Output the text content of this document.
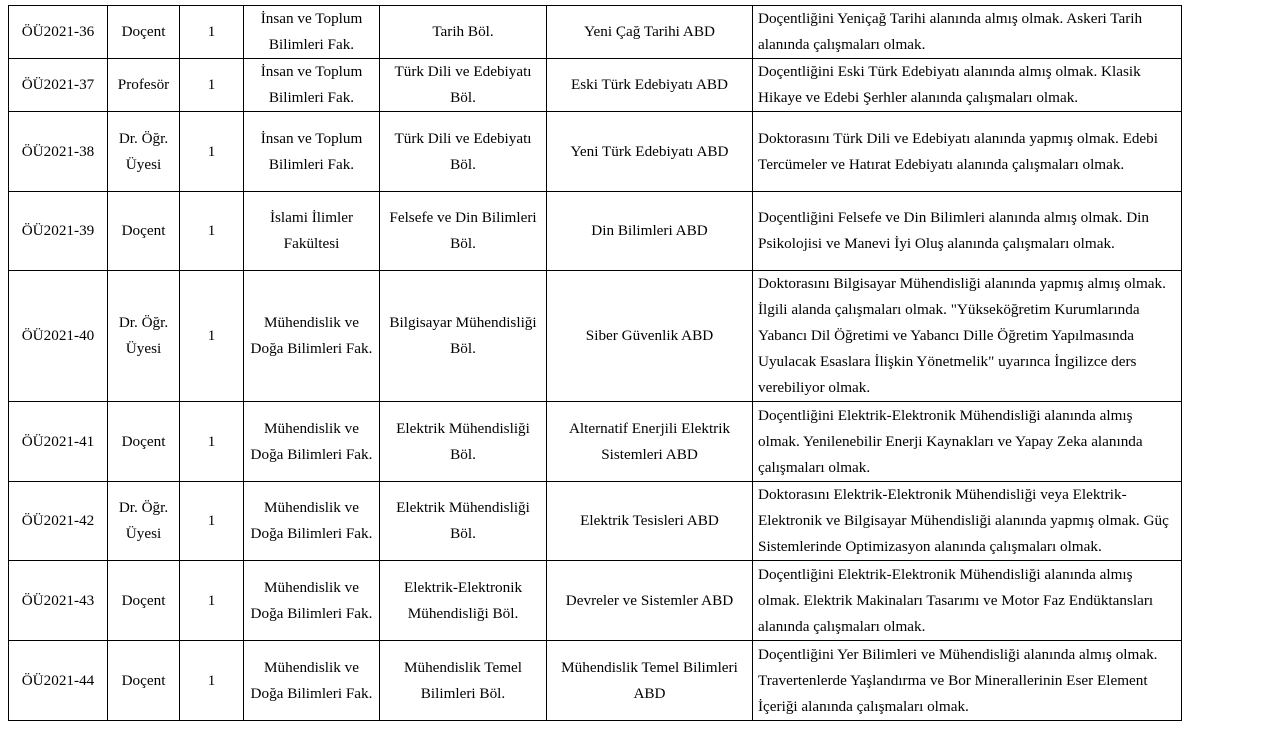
ÖÜ2021-36	Doçent	1	İnsan ve Toplum Bilimleri Fak.	Tarih Böl.	Yeni Çağ Tarihi ABD	Doçentliğini Yeniçağ Tarihi alanında almış olmak. Askeri Tarih alanında çalışmaları olmak.
ÖÜ2021-37	Profesör	1	İnsan ve Toplum Bilimleri Fak.	Türk Dili ve Edebiyatı Böl.	Eski Türk Edebiyatı ABD	Doçentliğini Eski Türk Edebiyatı alanında almış olmak. Klasik Hikaye ve Edebi Şerhler alanında çalışmaları olmak.
ÖÜ2021-38	Dr. Öğr. Üyesi	1	İnsan ve Toplum Bilimleri Fak.	Türk Dili ve Edebiyatı Böl.	Yeni Türk Edebiyatı ABD	Doktorasını Türk Dili ve Edebiyatı alanında yapmış olmak. Edebi Tercümeler ve Hatırat Edebiyatı alanında çalışmaları olmak.
ÖÜ2021-39	Doçent	1	İslami İlimler Fakültesi	Felsefe ve Din Bilimleri Böl.	Din Bilimleri ABD	Doçentliğini Felsefe ve Din Bilimleri alanında almış olmak. Din Psikolojisi ve Manevi İyi Oluş alanında çalışmaları olmak.
ÖÜ2021-40	Dr. Öğr. Üyesi	1	Mühendislik ve Doğa Bilimleri Fak.	Bilgisayar Mühendisliği Böl.	Siber Güvenlik ABD	Doktorasını Bilgisayar Mühendisliği alanında yapmış almış olmak. İlgili alanda çalışmaları olmak. "Yükseköğretim Kurumlarında Yabancı Dil Öğretimi ve Yabancı Dille Öğretim Yapılmasında Uyulacak Esaslara İlişkin Yönetmelik" uyarınca İngilizce ders verebiliyor olmak.
ÖÜ2021-41	Doçent	1	Mühendislik ve Doğa Bilimleri Fak.	Elektrik Mühendisliği Böl.	Alternatif Enerjili Elektrik Sistemleri ABD	Doçentliğini Elektrik-Elektronik Mühendisliği alanında almış olmak. Yenilenebilir Enerji Kaynakları ve Yapay Zeka alanında çalışmaları olmak.
ÖÜ2021-42	Dr. Öğr. Üyesi	1	Mühendislik ve Doğa Bilimleri Fak.	Elektrik Mühendisliği Böl.	Elektrik Tesisleri ABD	Doktorasını Elektrik-Elektronik Mühendisliği veya Elektrik-Elektronik ve Bilgisayar Mühendisliği alanında yapmış olmak. Güç Sistemlerinde Optimizasyon alanında çalışmaları olmak.
ÖÜ2021-43	Doçent	1	Mühendislik ve Doğa Bilimleri Fak.	Elektrik-Elektronik Mühendisliği Böl.	Devreler ve Sistemler ABD	Doçentliğini Elektrik-Elektronik Mühendisliği alanında almış olmak. Elektrik Makinaları Tasarımı ve Motor Faz Endüktansları alanında çalışmaları olmak.
ÖÜ2021-44	Doçent	1	Mühendislik ve Doğa Bilimleri Fak.	Mühendislik Temel Bilimleri Böl.	Mühendislik Temel Bilimleri ABD	Doçentliğini Yer Bilimleri ve Mühendisliği alanında almış olmak. Travertenlerde Yaşlandırma ve Bor Minerallerinin Eser Element İçeriği alanında çalışmaları olmak.
